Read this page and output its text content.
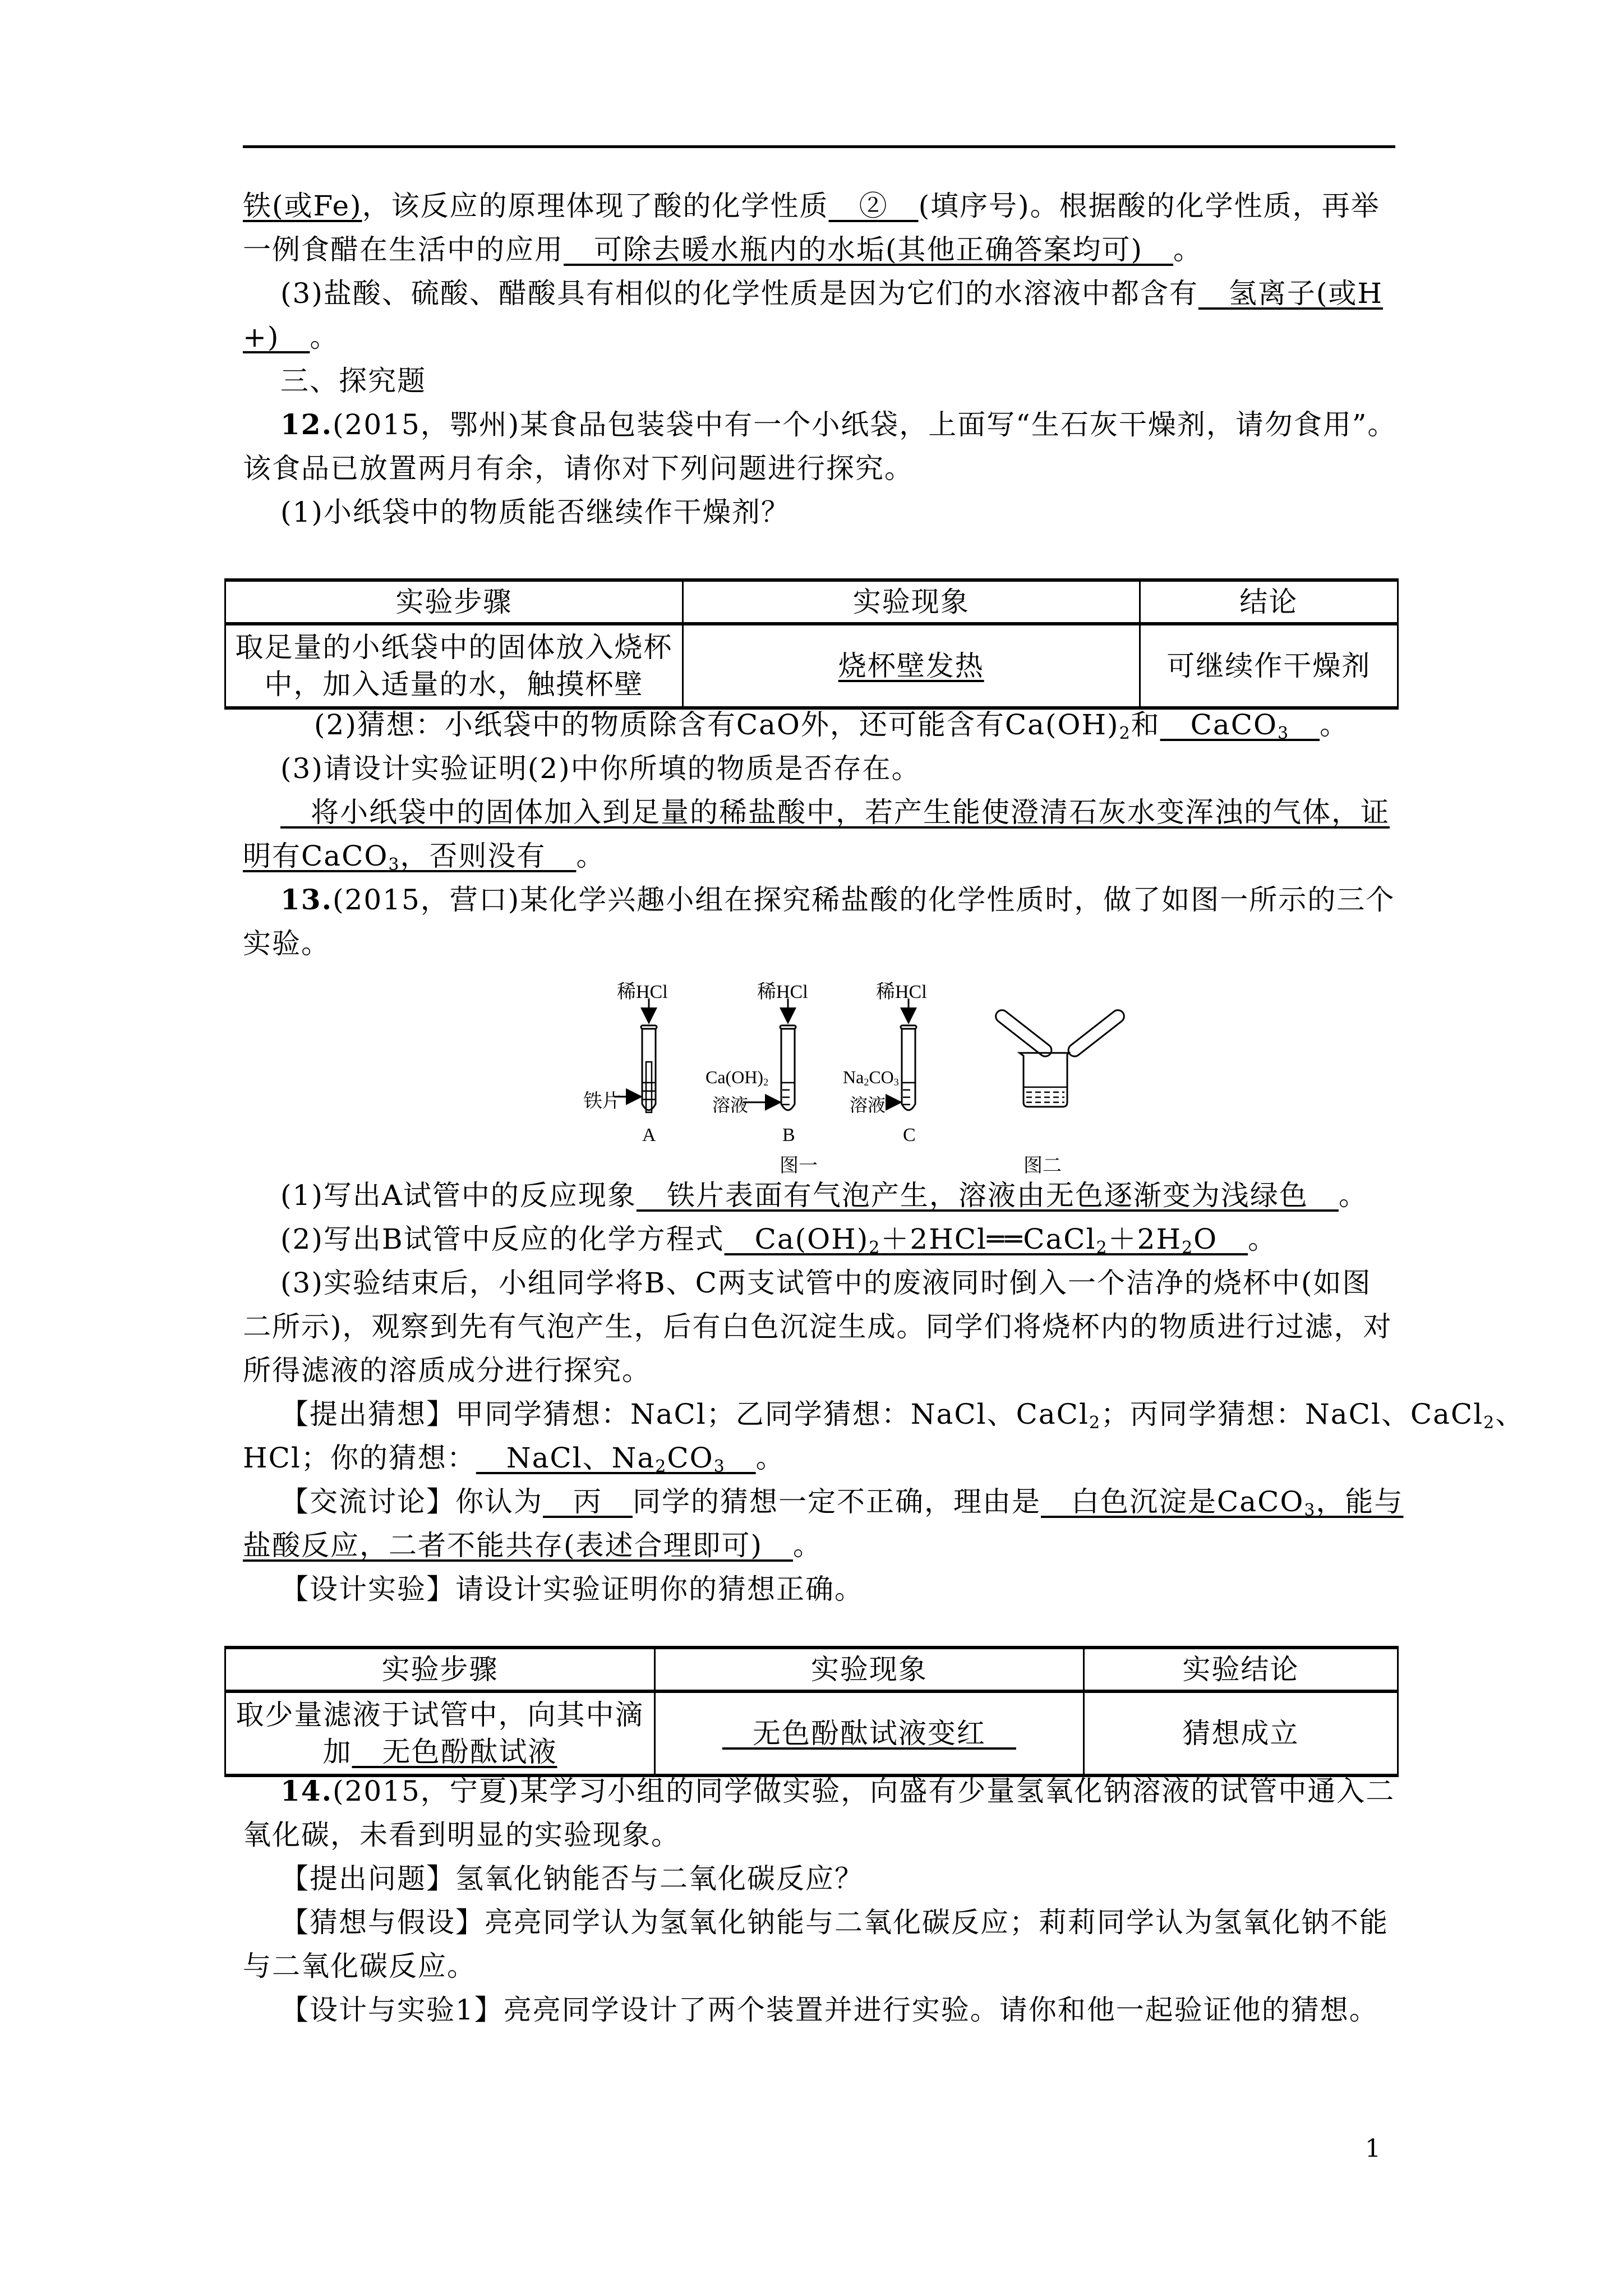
铁(或Fe)，该反应的原理体现了酸的化学性质__②__(填序号)。根据酸的化学性质，再举
一例食醋在生活中的应用__可除去暖水瓶内的水垢(其他正确答案均可)__。
(3)盐酸、硫酸、醋酸具有相似的化学性质是因为它们的水溶液中都含有__氢离子(或H
+)__。
三、探究题
12.(2015，鄂州)某食品包装袋中有一个小纸袋，上面写“生石灰干燥剂，请勿食用”。
该食品已放置两月有余，请你对下列问题进行探究。
(1)小纸袋中的物质能否继续作干燥剂？
实验步骤	实验现象	结论
取足量的小纸袋中的固体放入烧杯
中，加入适量的水，触摸杯壁	烧杯壁发热	可继续作干燥剂
(2)猜想：小纸袋中的物质除含有CaO外，还可能含有$Ca(OH)_2$和__CaCO$_3$__。
(3)请设计实验证明(2)中你所填的物质是否存在。
__将小纸袋中的固体加入到足量的稀盐酸中，若产生能使澄清石灰水变浑浊的气体，证
明有CaCO$_3$，否则没有__。
13.(2015，营口)某化学兴趣小组在探究稀盐酸的化学性质时，做了如图一所示的三个
实验。
稀HCl	稀HCl	稀HCl
铁片
$Ca(OH)_2$
溶液
$Na_2CO_3$
溶液
A	B	C
图一	图二
(1)写出A试管中的反应现象__铁片表面有气泡产生，溶液由无色逐渐变为浅绿色__。
(2)写出B试管中反应的化学方程式$\_\_Ca(OH)_2+2HCl══CaCl_2+2H_2O\_\_$。
(3)实验结束后，小组同学将B、C两支试管中的废液同时倒入一个洁净的烧杯中(如图
二所示)，观察到先有气泡产生，后有白色沉淀生成。同学们将烧杯内的物质进行过滤，对
所得滤液的溶质成分进行探究。
【提出猜想】甲同学猜想：NaCl；乙同学猜想：NaCl、CaCl$_2$；丙同学猜想：NaCl、CaCl$_2$、
HCl；你的猜想：__NaCl、$Na_2CO_3\_\_$。
【交流讨论】你认为__丙__同学的猜想一定不正确，理由是__白色沉淀是CaCO$_3$，能与
盐酸反应，二者不能共存(表述合理即可)__。
【设计实验】请设计实验证明你的猜想正确。
实验步骤	实验现象	实验结论
取少量滤液于试管中，向其中滴
加__无色酚酞试液	__无色酚酞试液变红__	猜想成立
14.(2015，宁夏)某学习小组的同学做实验，向盛有少量氢氧化钠溶液的试管中通入二
氧化碳，未看到明显的实验现象。
【提出问题】氢氧化钠能否与二氧化碳反应？
【猜想与假设】亮亮同学认为氢氧化钠能与二氧化碳反应；莉莉同学认为氢氧化钠不能
与二氧化碳反应。
【设计与实验1】亮亮同学设计了两个装置并进行实验。请你和他一起验证他的猜想。
1
